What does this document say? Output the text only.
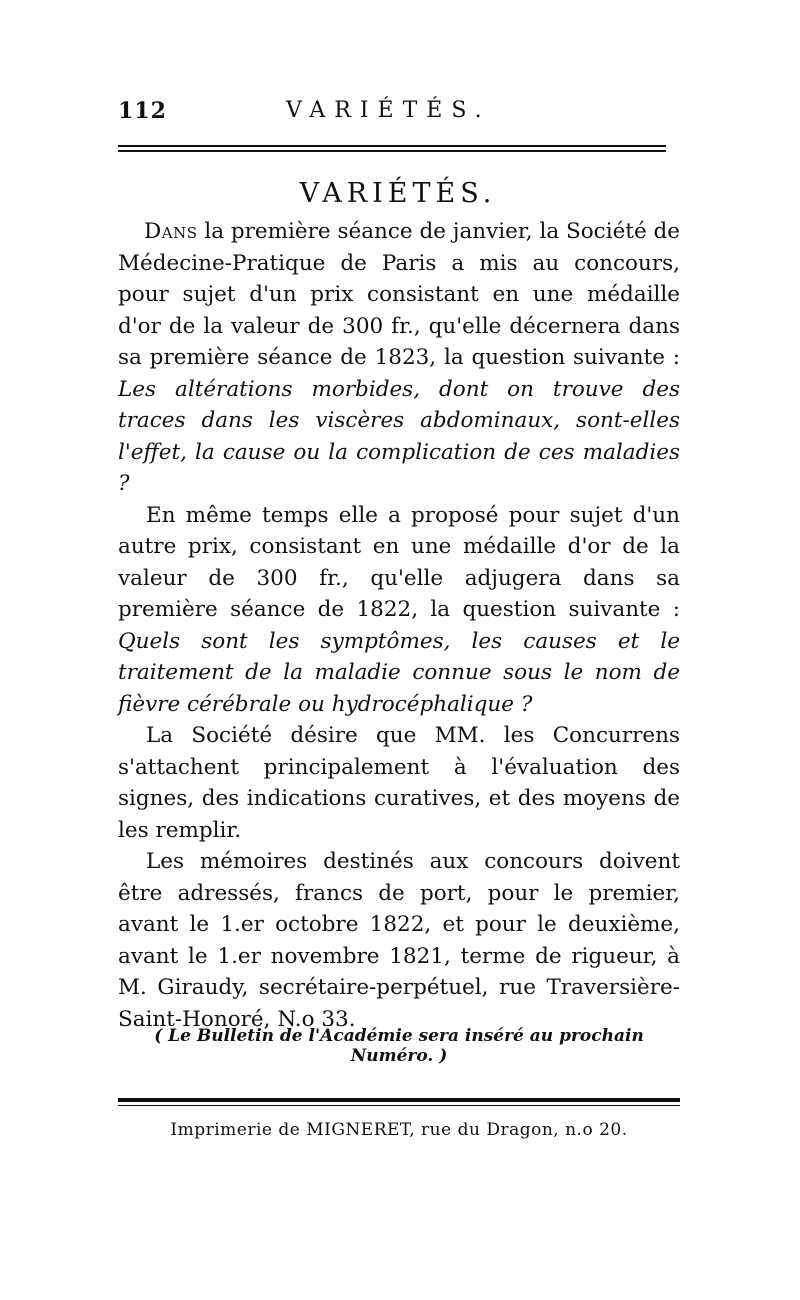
112	VARIÉTÉS.
VARIÉTÉS.

Dans la première séance de janvier, la Société de Médecine-Pratique de Paris a mis au concours, pour sujet d'un prix consistant en une médaille d'or de la valeur de 300 fr., qu'elle décernera dans sa première séance de 1823, la question suivante : Les altérations morbides, dont on trouve des traces dans les viscères abdominaux, sont-elles l'effet, la cause ou la complication de ces maladies ?

En même temps elle a proposé pour sujet d'un autre prix, consistant en une médaille d'or de la valeur de 300 fr., qu'elle adjugera dans sa première séance de 1822, la question suivante : Quels sont les symptômes, les causes et le traitement de la maladie connue sous le nom de fièvre cérébrale ou hydrocéphalique ?

La Société désire que MM. les Concurrens s'attachent principalement à l'évaluation des signes, des indications curatives, et des moyens de les remplir.

Les mémoires destinés aux concours doivent être adressés, francs de port, pour le premier, avant le 1.er octobre 1822, et pour le deuxième, avant le 1.er novembre 1821, terme de rigueur, à M. Giraudy, secrétaire-perpétuel, rue Traversière-Saint-Honoré, N.o 33.

( Le Bulletin de l'Académie sera inséré au prochain Numéro. )
Imprimerie de MIGNERET, rue du Dragon, n.o 20.
